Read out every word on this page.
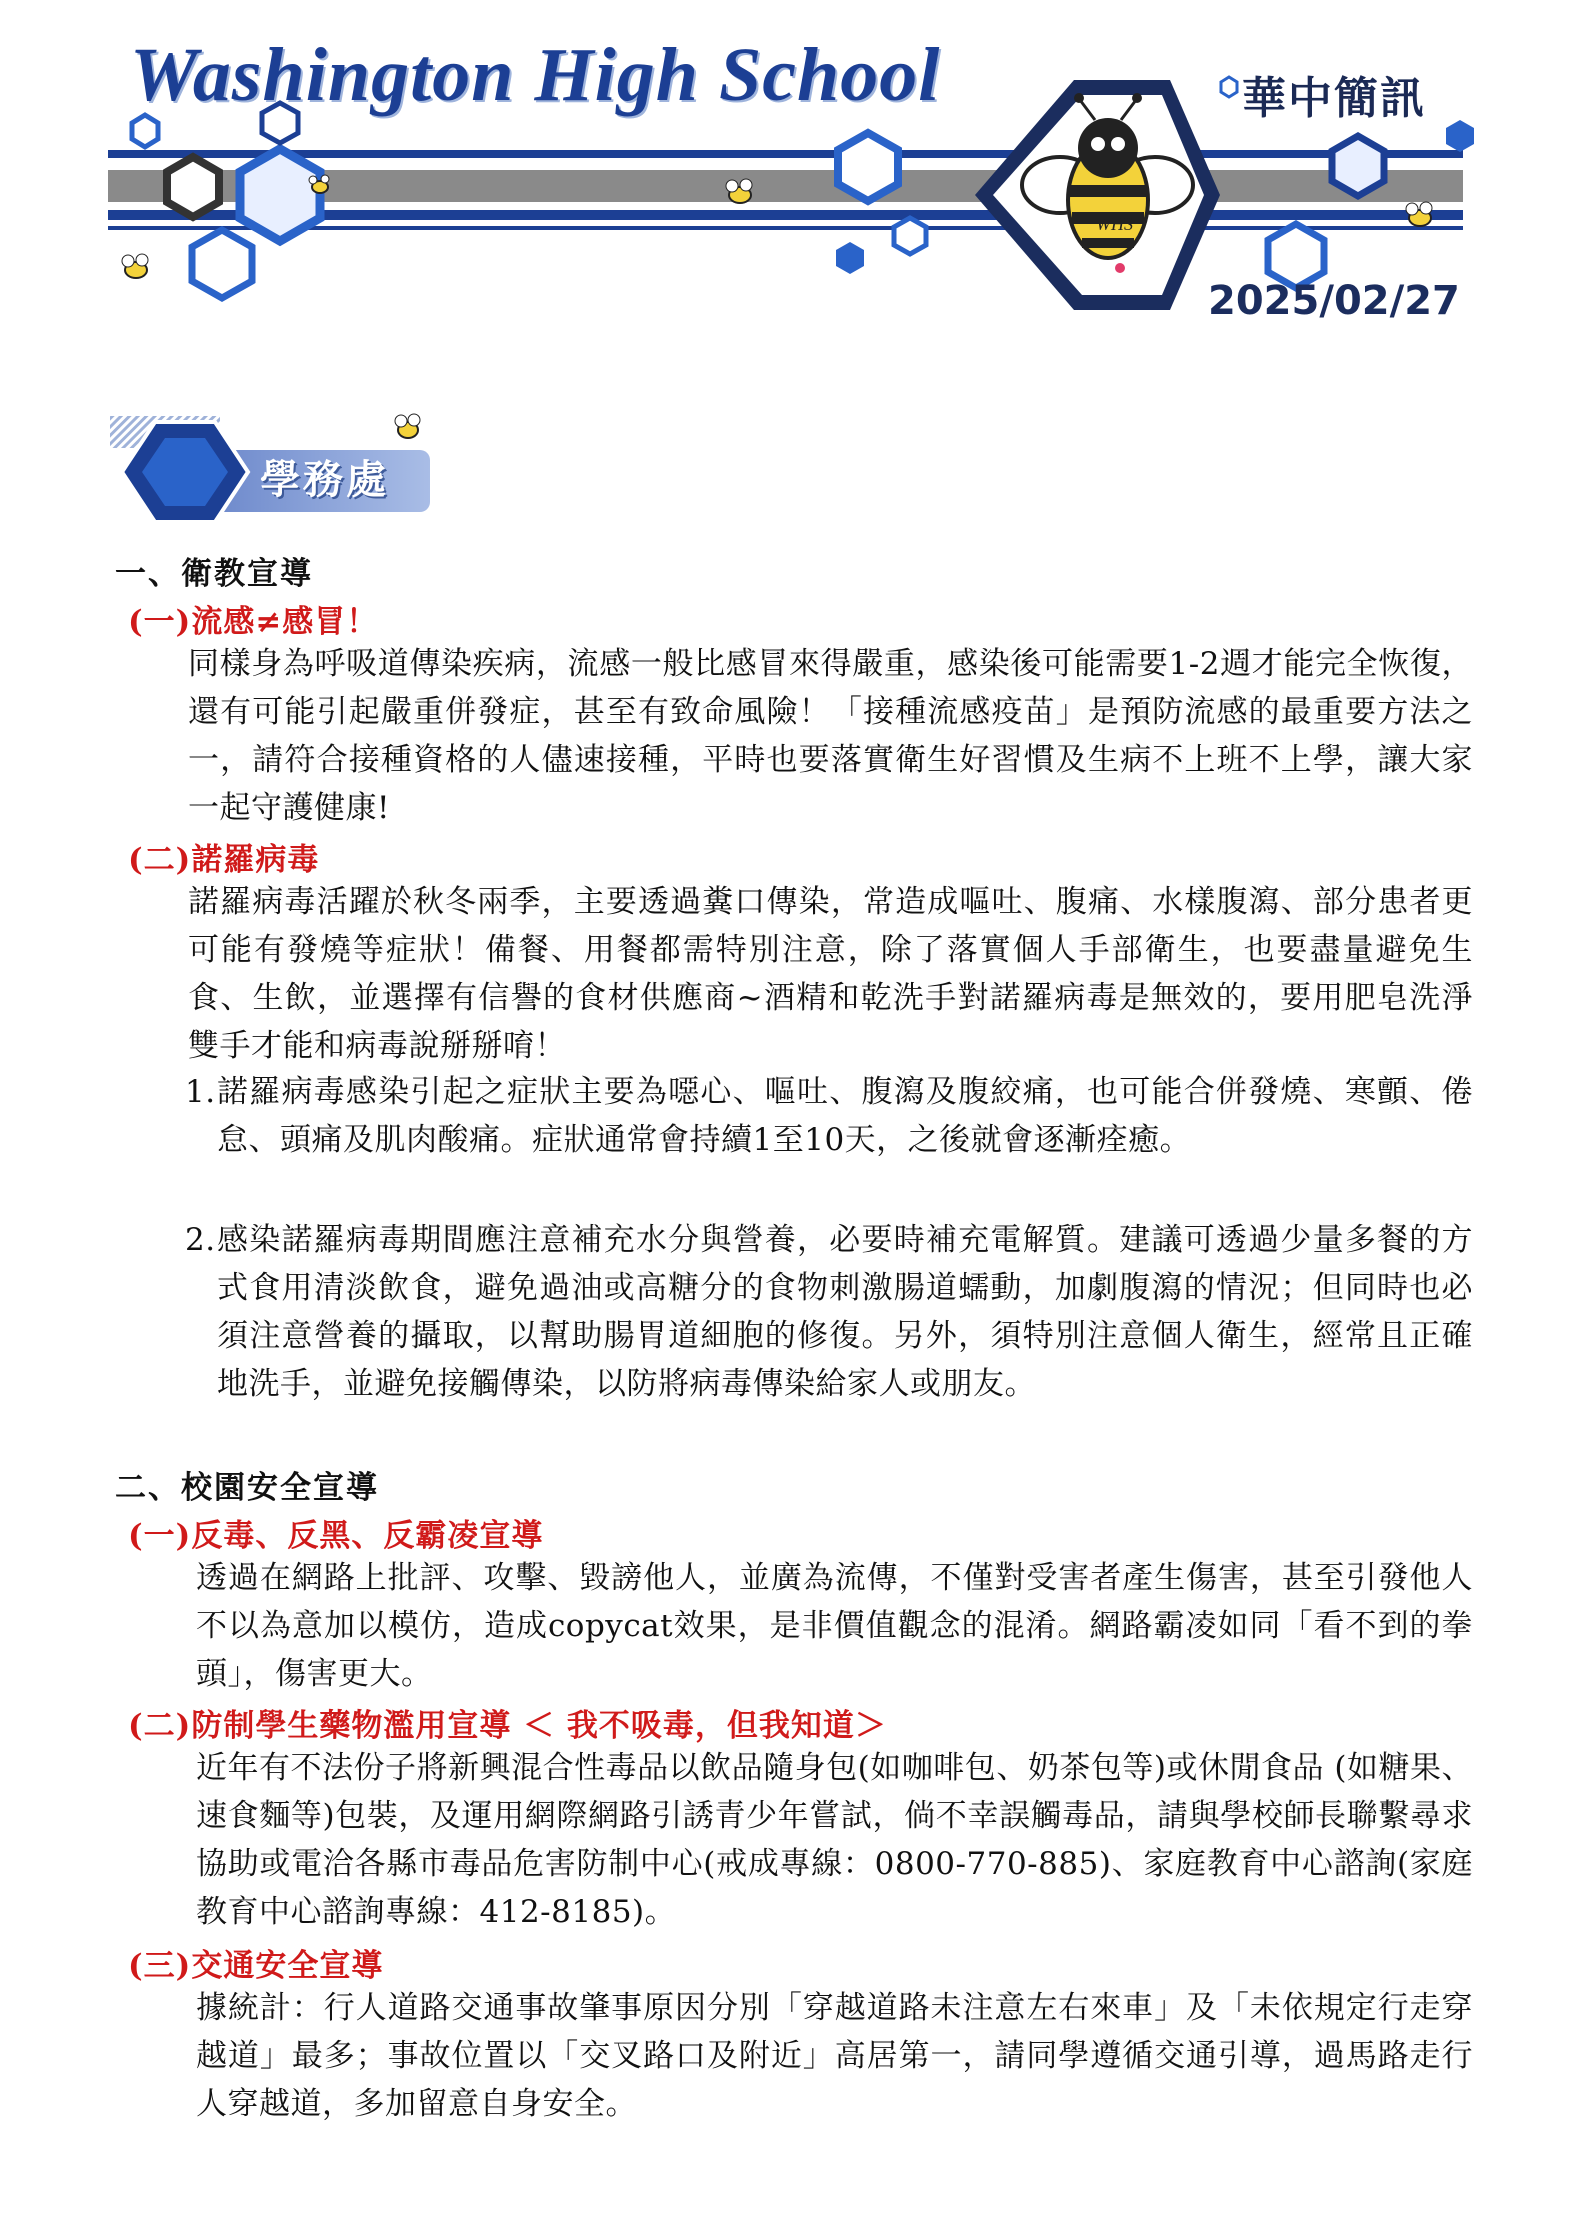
WHS
Washington High School	華中簡訊
2025/02/27
學務處
一、衛教宣導
(一)流感≠感冒！

同樣身為呼吸道傳染疾病，流感一般比感冒來得嚴重，感染後可能需要1-2週才能完全恢復，還有可能引起嚴重併發症，甚至有致命風險！「接種流感疫苗」是預防流感的最重要方法之一，請符合接種資格的人儘速接種，平時也要落實衛生好習慣及生病不上班不上學，讓大家一起守護健康!

(二)諾羅病毒

諾羅病毒活躍於秋冬兩季，主要透過糞口傳染，常造成嘔吐、腹痛、水樣腹瀉、部分患者更可能有發燒等症狀！備餐、用餐都需特別注意，除了落實個人手部衛生，也要盡量避免生食、生飲，並選擇有信譽的食材供應商~酒精和乾洗手對諾羅病毒是無效的，要用肥皂洗淨雙手才能和病毒說掰掰唷！

1. 諾羅病毒感染引起之症狀主要為噁心、嘔吐、腹瀉及腹絞痛，也可能合併發燒、寒顫、倦怠、頭痛及肌肉酸痛。症狀通常會持續1至10天，之後就會逐漸痊癒。
2. 感染諾羅病毒期間應注意補充水分與營養，必要時補充電解質。建議可透過少量多餐的方式食用清淡飲食，避免過油或高糖分的食物刺激腸道蠕動，加劇腹瀉的情況；但同時也必須注意營養的攝取，以幫助腸胃道細胞的修復。另外，須特別注意個人衛生，經常且正確地洗手，並避免接觸傳染，以防將病毒傳染給家人或朋友。
二、校園安全宣導
(一)反毒、反黑、反霸凌宣導

透過在網路上批評、攻擊、毀謗他人，並廣為流傳，不僅對受害者產生傷害，甚至引發他人不以為意加以模仿，造成copycat效果，是非價值觀念的混淆。網路霸凌如同「看不到的拳頭」，傷害更大。

(二)防制學生藥物濫用宣導 ＜ 我不吸毒，但我知道＞

近年有不法份子將新興混合性毒品以飲品隨身包(如咖啡包、奶茶包等)或休閒食品 (如糖果、速食麵等)包裝，及運用網際網路引誘青少年嘗試，倘不幸誤觸毒品，請與學校師長聯繫尋求協助或電洽各縣市毒品危害防制中心(戒成專線：0800-770-885)、家庭教育中心諮詢(家庭教育中心諮詢專線：412-8185)。

(三)交通安全宣導

據統計：行人道路交通事故肇事原因分別「穿越道路未注意左右來車」及「未依規定行走穿越道」最多；事故位置以「交叉路口及附近」高居第一，請同學遵循交通引導，過馬路走行人穿越道，多加留意自身安全。
